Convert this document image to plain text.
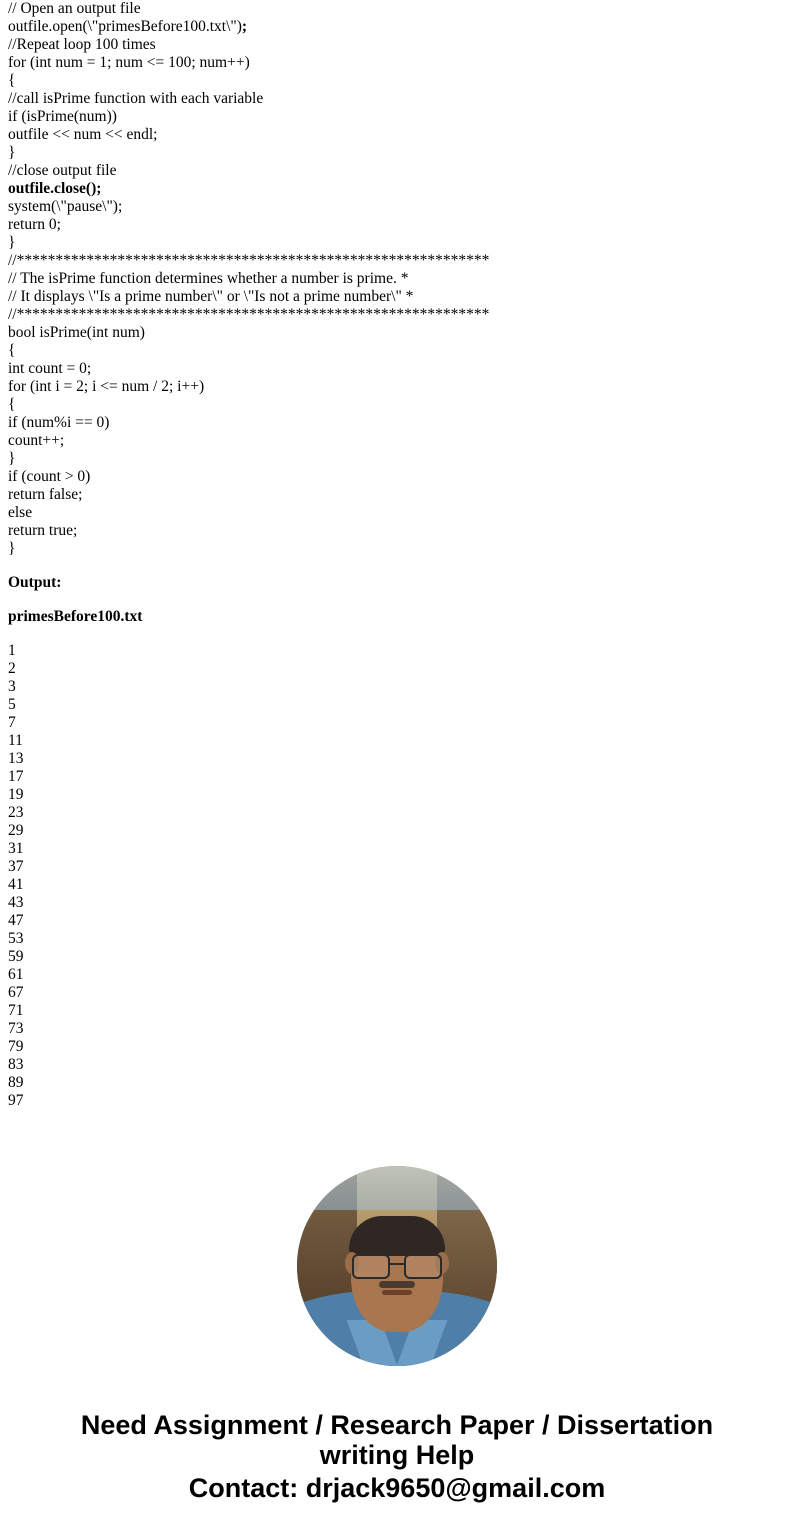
// Open an output file
outfile.open(\"primesBefore100.txt\");
//Repeat loop 100 times
for (int num = 1; num <= 100; num++)
{
//call isPrime function with each variable
if (isPrime(num))
outfile << num << endl;
}
//close output file
outfile.close();
system(\"pause\");
return 0;
}
//*************************************************************
// The isPrime function determines whether a number is prime. *
// It displays \"Is a prime number\" or \"Is not a prime number\" *
//*************************************************************
bool isPrime(int num)
{
int count = 0;
for (int i = 2; i <= num / 2; i++)
{
if (num%i == 0)
count++;
}
if (count > 0)
return false;
else
return true;
}
Output:
primesBefore100.txt
1
2
3
5
7
11
13
17
19
23
29
31
37
41
43
47
53
59
61
67
71
73
79
83
89
97
Need Assignment / Research Paper / Dissertation
writing Help
Contact: drjack9650@gmail.com
